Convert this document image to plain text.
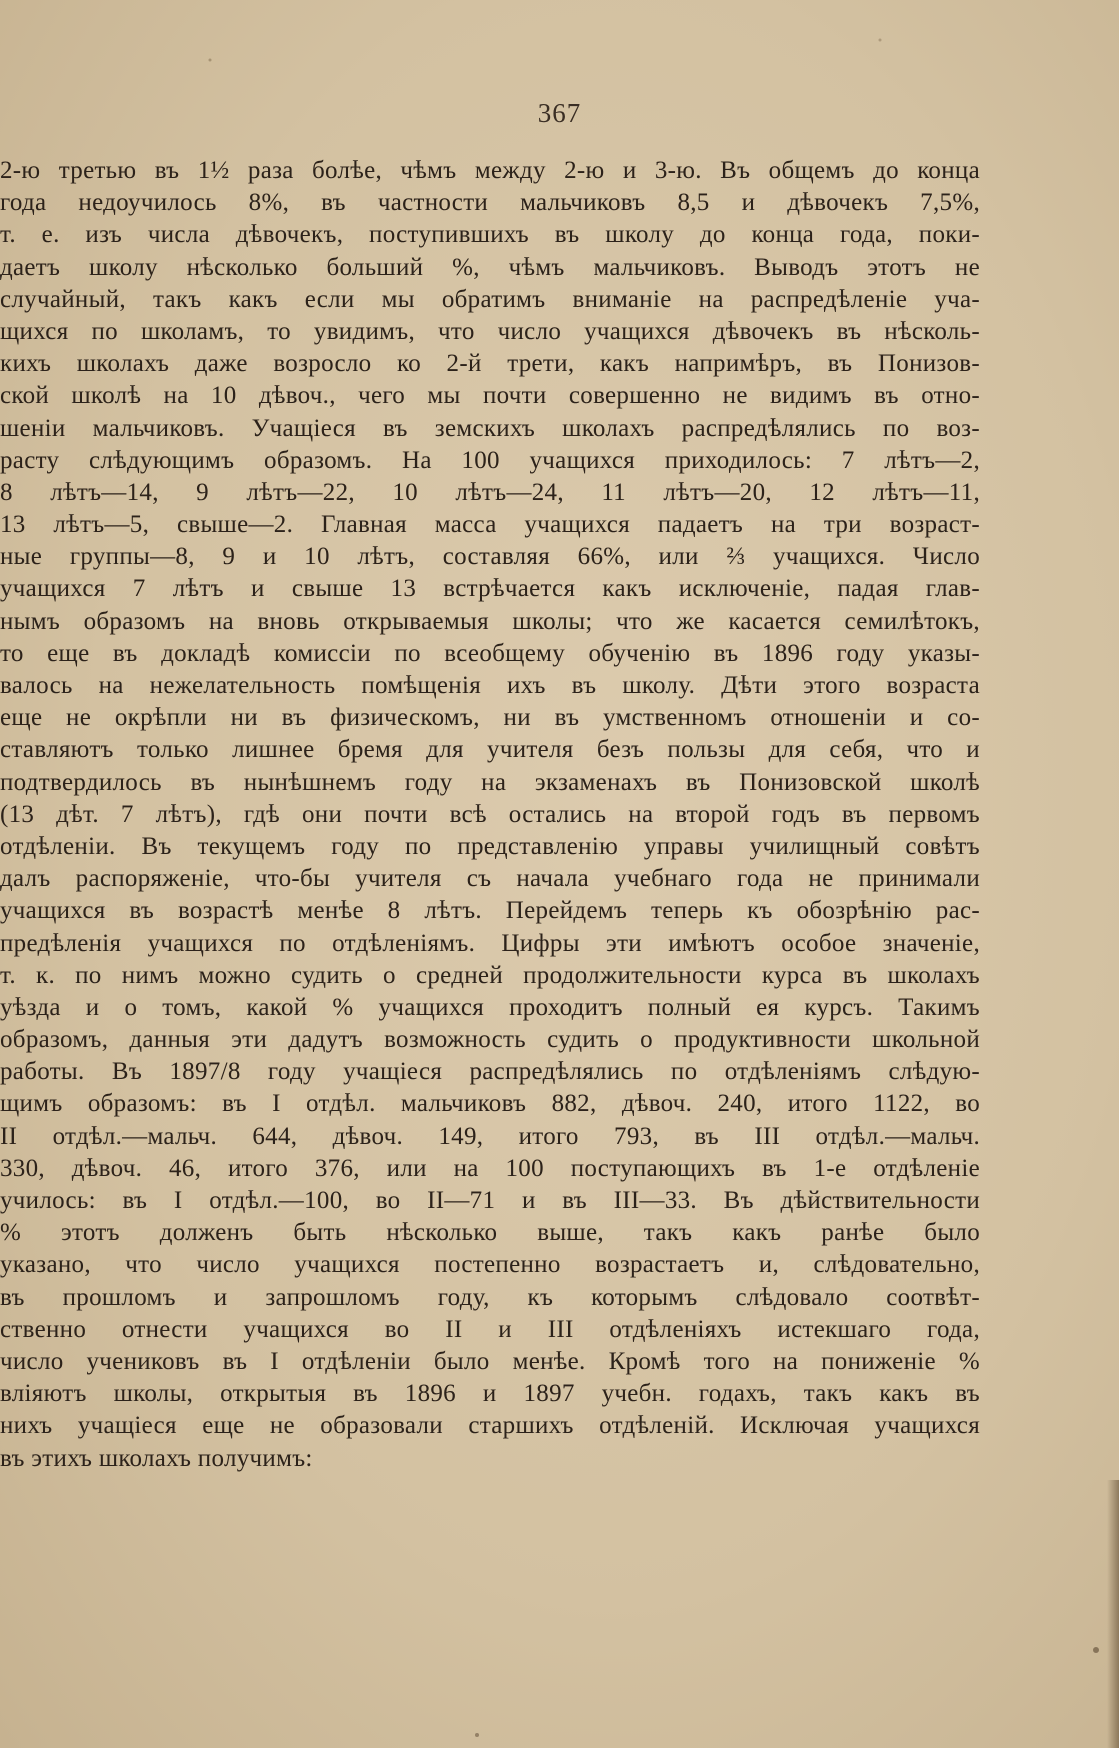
367
2-ю третью въ 1½ раза болѣе, чѣмъ между 2-ю и 3-ю. Въ общемъ до конца
года недоучилось 8%, въ частности мальчиковъ 8,5 и дѣвочекъ 7,5%,
т. е. изъ числа дѣвочекъ, поступившихъ въ школу до конца года, поки-
даетъ школу нѣсколько больший %, чѣмъ мальчиковъ. Выводъ этотъ не
случайный, такъ какъ если мы обратимъ вниманіе на распредѣленіе уча-
щихся по школамъ, то увидимъ, что число учащихся дѣвочекъ въ нѣсколь-
кихъ школахъ даже возросло ко 2-й трети, какъ напримѣръ, въ Понизов-
ской школѣ на 10 дѣвоч., чего мы почти совершенно не видимъ въ отно-
шеніи мальчиковъ. Учащіеся въ земскихъ школахъ распредѣлялись по воз-
расту слѣдующимъ образомъ. На 100 учащихся приходилось: 7 лѣтъ—2,
8 лѣтъ—14, 9 лѣтъ—22, 10 лѣтъ—24, 11 лѣтъ—20, 12 лѣтъ—11,
13 лѣтъ—5, свыше—2. Главная масса учащихся падаетъ на три возраст-
ные группы—8, 9 и 10 лѣтъ, составляя 66%, или ⅔ учащихся. Число
учащихся 7 лѣтъ и свыше 13 встрѣчается какъ исключеніе, падая глав-
нымъ образомъ на вновь открываемыя школы; что же касается семилѣтокъ,
то еще въ докладѣ комиссіи по всеобщему обученію въ 1896 году указы-
валось на нежелательность помѣщенія ихъ въ школу. Дѣти этого возраста
еще не окрѣпли ни въ физическомъ, ни въ умственномъ отношеніи и со-
ставляютъ только лишнее бремя для учителя безъ пользы для себя, что и
подтвердилось въ нынѣшнемъ году на экзаменахъ въ Понизовской школѣ
(13 дѣт. 7 лѣтъ), гдѣ они почти всѣ остались на второй годъ въ первомъ
отдѣленіи. Въ текущемъ году по представленію управы училищный совѣтъ
далъ распоряженіе, что-бы учителя съ начала учебнаго года не принимали
учащихся въ возрастѣ менѣе 8 лѣтъ. Перейдемъ теперь къ обозрѣнію рас-
предѣленія учащихся по отдѣленіямъ. Цифры эти имѣютъ особое значеніе,
т. к. по нимъ можно судить о средней продолжительности курса въ школахъ
уѣзда и о томъ, какой % учащихся проходитъ полный ея курсъ. Такимъ
образомъ, данныя эти дадутъ возможность судить о продуктивности школьной
работы. Въ 1897/8 году учащіеся распредѣлялись по отдѣленіямъ слѣдую-
щимъ образомъ: въ I отдѣл. мальчиковъ 882, дѣвоч. 240, итого 1122, во
II отдѣл.—мальч. 644, дѣвоч. 149, итого 793, въ III отдѣл.—мальч.
330, дѣвоч. 46, итого 376, или на 100 поступающихъ въ 1-е отдѣленіе
училось: въ I отдѣл.—100, во II—71 и въ III—33. Въ дѣйствительности
% этотъ долженъ быть нѣсколько выше, такъ какъ ранѣе было
указано, что число учащихся постепенно возрастаетъ и, слѣдовательно,
въ прошломъ и запрошломъ году, къ которымъ слѣдовало соотвѣт-
ственно отнести учащихся во II и III отдѣленіяхъ истекшаго года,
число учениковъ въ I отдѣленіи было менѣе. Кромѣ того на пониженіе %
вліяютъ школы, открытыя въ 1896 и 1897 учебн. годахъ, такъ какъ въ
нихъ учащіеся еще не образовали старшихъ отдѣленій. Исключая учащихся
въ этихъ школахъ получимъ:
